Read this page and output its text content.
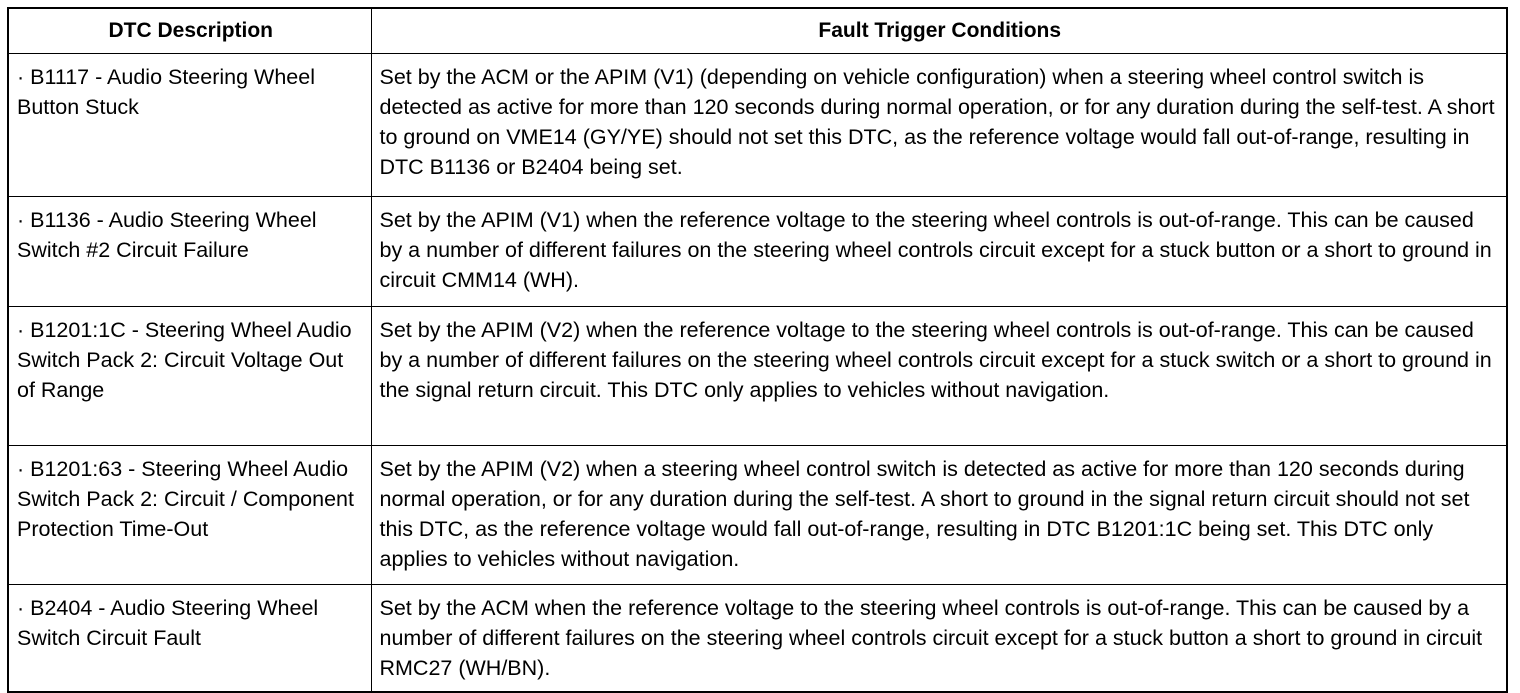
DTC Description	Fault Trigger Conditions
· B1117 - Audio Steering Wheel Button Stuck	Set by the ACM or the APIM (V1) (depending on vehicle configuration) when a steering wheel control switch is detected as active for more than 120 seconds during normal operation, or for any duration during the self-test. A short to ground on VME14 (GY/YE) should not set this DTC, as the reference voltage would fall out-of-range, resulting in DTC B1136 or B2404 being set.
· B1136 - Audio Steering Wheel Switch #2 Circuit Failure	Set by the APIM (V1) when the reference voltage to the steering wheel controls is out-of-range. This can be caused by a number of different failures on the steering wheel controls circuit except for a stuck button or a short to ground in circuit CMM14 (WH).
· B1201:1C - Steering Wheel Audio Switch Pack 2: Circuit Voltage Out of Range	Set by the APIM (V2) when the reference voltage to the steering wheel controls is out-of-range. This can be caused by a number of different failures on the steering wheel controls circuit except for a stuck switch or a short to ground in the signal return circuit. This DTC only applies to vehicles without navigation.
· B1201:63 - Steering Wheel Audio Switch Pack 2: Circuit / Component Protection Time-Out	Set by the APIM (V2) when a steering wheel control switch is detected as active for more than 120 seconds during normal operation, or for any duration during the self-test. A short to ground in the signal return circuit should not set this DTC, as the reference voltage would fall out-of-range, resulting in DTC B1201:1C being set. This DTC only applies to vehicles without navigation.
· B2404 - Audio Steering Wheel Switch Circuit Fault	Set by the ACM when the reference voltage to the steering wheel controls is out-of-range. This can be caused by a number of different failures on the steering wheel controls circuit except for a stuck button a short to ground in circuit RMC27 (WH/BN).
